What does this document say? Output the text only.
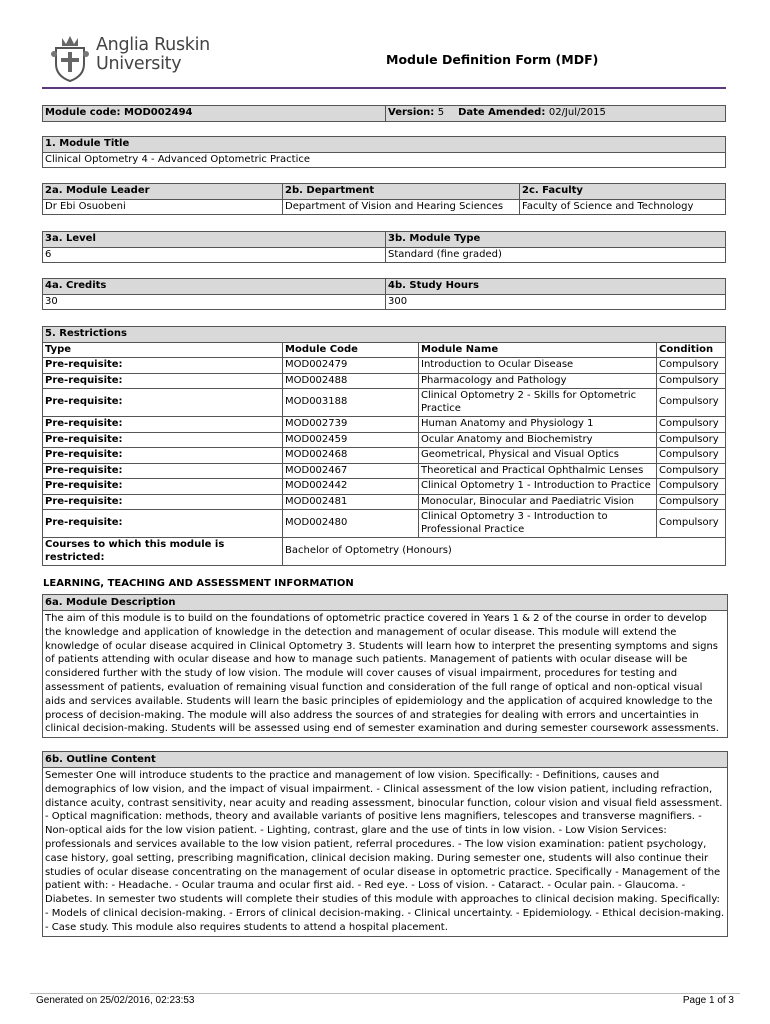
Anglia Ruskin
University	Module Definition Form (MDF)
Module code: MOD002494	Version: 5 Date Amended: 02/Jul/2015
1. Module Title
Clinical Optometry 4 - Advanced Optometric Practice
2a. Module Leader	2b. Department	2c. Faculty
Dr Ebi Osuobeni	Department of Vision and Hearing Sciences	Faculty of Science and Technology
3a. Level	3b. Module Type
6	Standard (fine graded)
4a. Credits	4b. Study Hours
30	300
5. Restrictions			
Type	Module Code	Module Name	Condition
Pre-requisite:	MOD002479	Introduction to Ocular Disease	Compulsory
Pre-requisite:	MOD002488	Pharmacology and Pathology	Compulsory
Pre-requisite:	MOD003188	Clinical Optometry 2 - Skills for Optometric Practice	Compulsory
Pre-requisite:	MOD002739	Human Anatomy and Physiology 1	Compulsory
Pre-requisite:	MOD002459	Ocular Anatomy and Biochemistry	Compulsory
Pre-requisite:	MOD002468	Geometrical, Physical and Visual Optics	Compulsory
Pre-requisite:	MOD002467	Theoretical and Practical Ophthalmic Lenses	Compulsory
Pre-requisite:	MOD002442	Clinical Optometry 1 - Introduction to Practice	Compulsory
Pre-requisite:	MOD002481	Monocular, Binocular and Paediatric Vision	Compulsory
Pre-requisite:	MOD002480	Clinical Optometry 3 - Introduction to Professional Practice	Compulsory
Courses to which this module is restricted:	Bachelor of Optometry (Honours)		
LEARNING, TEACHING AND ASSESSMENT INFORMATION
6a. Module Description
The aim of this module is to build on the foundations of optometric practice covered in Years 1 & 2 of the course in order to develop the knowledge and application of knowledge in the detection and management of ocular disease. This module will extend the knowledge of ocular disease acquired in Clinical Optometry 3. Students will learn how to interpret the presenting symptoms and signs of patients attending with ocular disease and how to manage such patients. Management of patients with ocular disease will be considered further with the study of low vision. The module will cover causes of visual impairment, procedures for testing and assessment of patients, evaluation of remaining visual function and consideration of the full range of optical and non-optical visual aids and services available. Students will learn the basic principles of epidemiology and the application of acquired knowledge to the process of decision-making. The module will also address the sources of and strategies for dealing with errors and uncertainties in clinical decision-making. Students will be assessed using end of semester examination and during semester coursework assessments.
6b. Outline Content
Semester One will introduce students to the practice and management of low vision. Specifically: - Definitions, causes and demographics of low vision, and the impact of visual impairment. - Clinical assessment of the low vision patient, including refraction, distance acuity, contrast sensitivity, near acuity and reading assessment, binocular function, colour vision and visual field assessment. - Optical magnification: methods, theory and available variants of positive lens magnifiers, telescopes and transverse magnifiers. - Non-optical aids for the low vision patient. - Lighting, contrast, glare and the use of tints in low vision. - Low Vision Services: professionals and services available to the low vision patient, referral procedures. - The low vision examination: patient psychology, case history, goal setting, prescribing magnification, clinical decision making. During semester one, students will also continue their studies of ocular disease concentrating on the management of ocular disease in optometric practice. Specifically - Management of the patient with: - Headache. - Ocular trauma and ocular first aid. - Red eye. - Loss of vision. - Cataract. - Ocular pain. - Glaucoma. - Diabetes. In semester two students will complete their studies of this module with approaches to clinical decision making. Specifically: - Models of clinical decision-making. - Errors of clinical decision-making. - Clinical uncertainty. - Epidemiology. - Ethical decision-making. - Case study. This module also requires students to attend a hospital placement.
Generated on 25/02/2016, 02:23:53	Page 1 of 3
